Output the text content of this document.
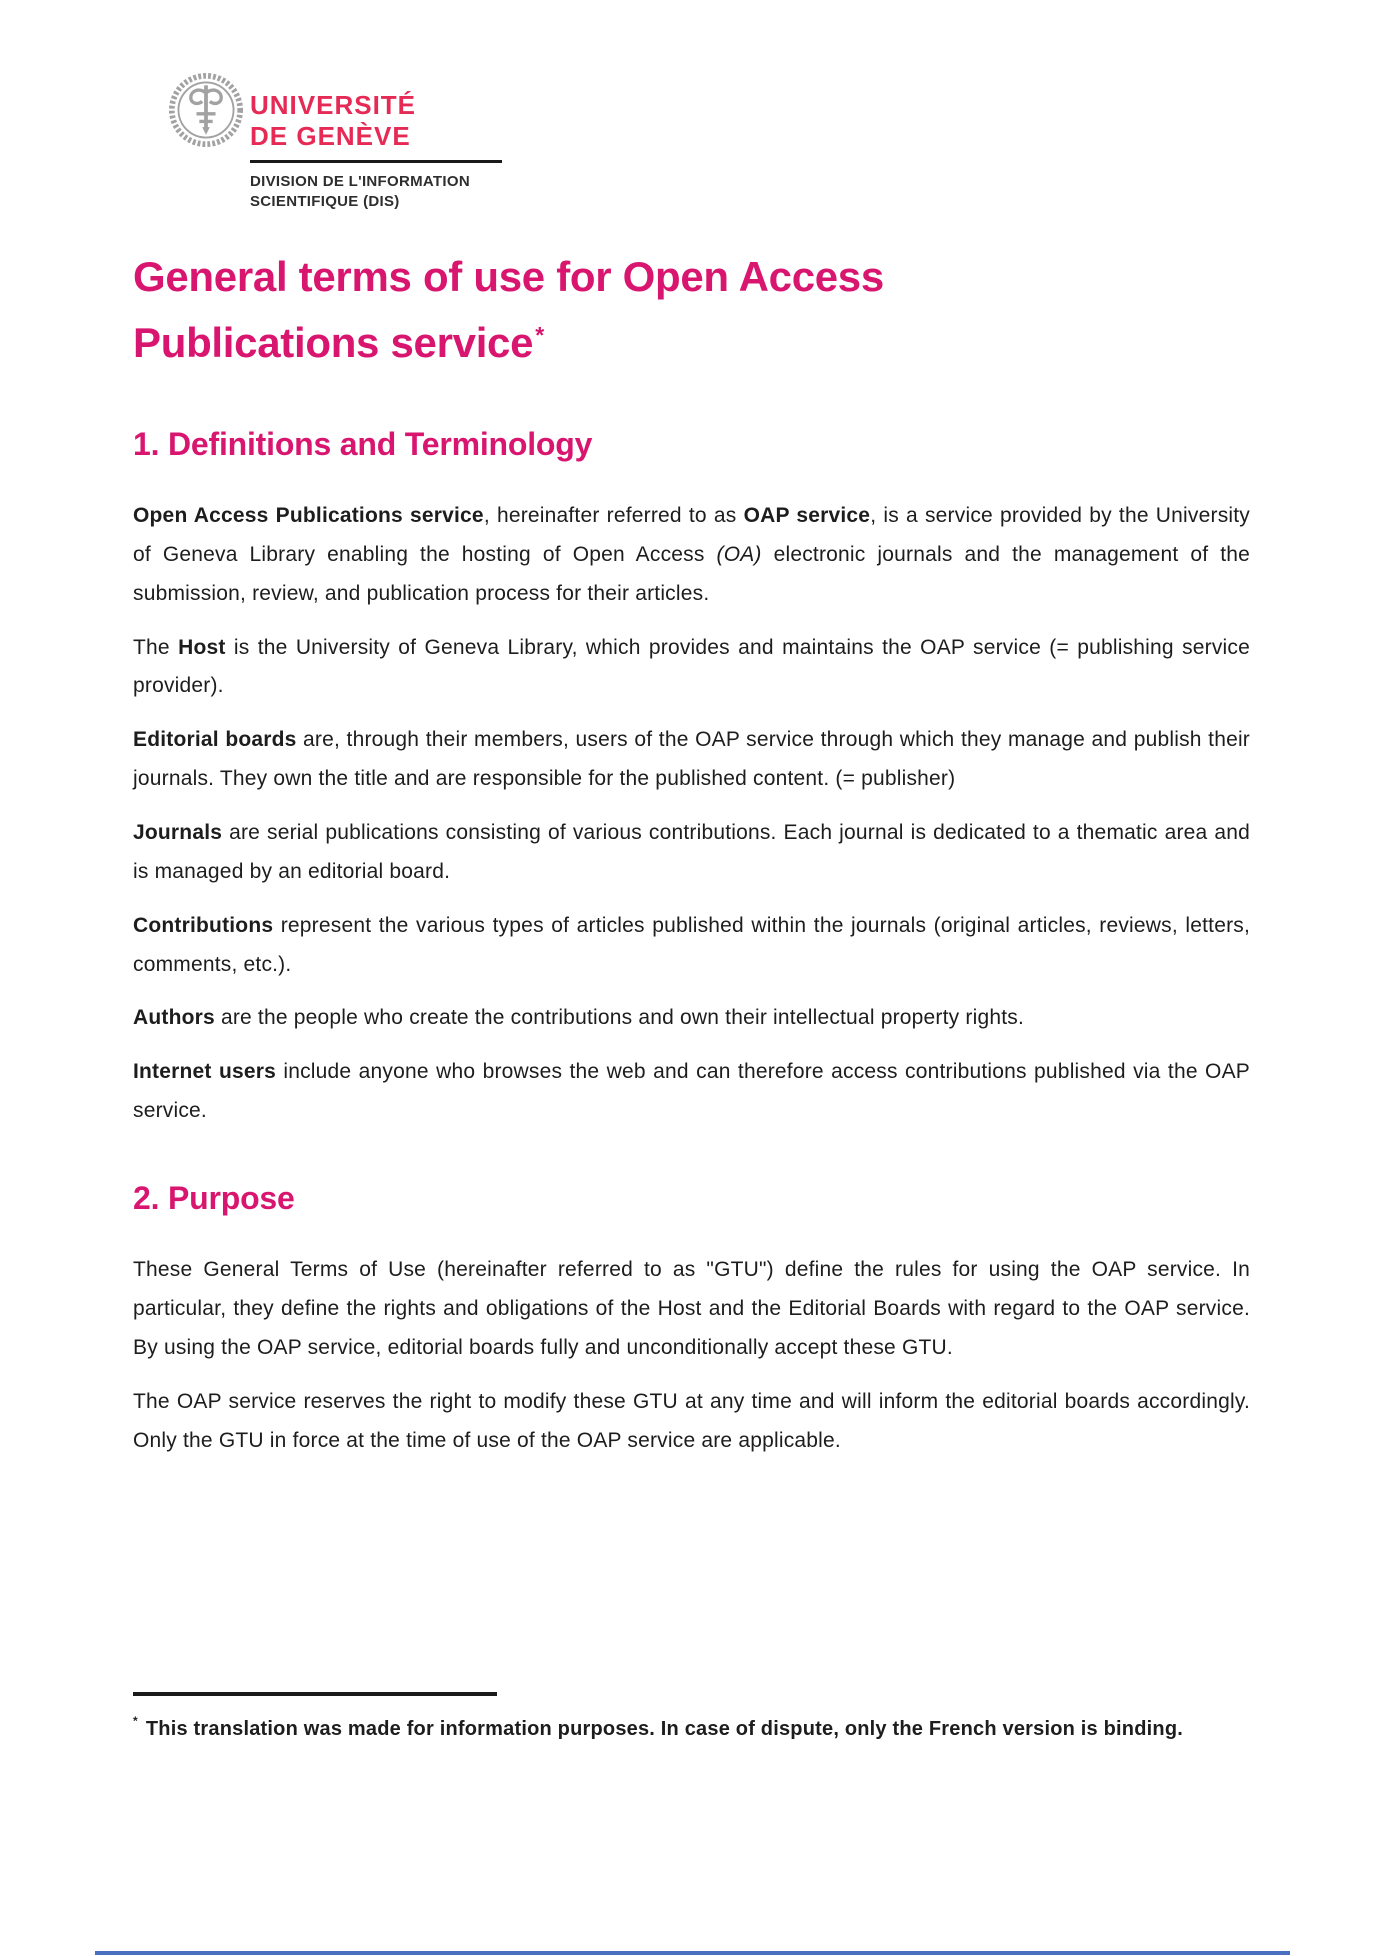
UNIVERSITÉ
DE GENÈVE
DIVISION DE L'INFORMATION
SCIENTIFIQUE (DIS)
General terms of use for Open Access Publications service*
1. Definitions and Terminology

Open Access Publications service, hereinafter referred to as OAP service, is a service provided by the University of Geneva Library enabling the hosting of Open Access (OA) electronic journals and the management of the submission, review, and publication process for their articles.

The Host is the University of Geneva Library, which provides and maintains the OAP service (= publishing service provider).

Editorial boards are, through their members, users of the OAP service through which they manage and publish their journals. They own the title and are responsible for the published content. (= publisher)

Journals are serial publications consisting of various contributions. Each journal is dedicated to a thematic area and is managed by an editorial board.

Contributions represent the various types of articles published within the journals (original articles, reviews, letters, comments, etc.).

Authors are the people who create the contributions and own their intellectual property rights.

Internet users include anyone who browses the web and can therefore access contributions published via the OAP service.

2. Purpose

These General Terms of Use (hereinafter referred to as "GTU") define the rules for using the OAP service. In particular, they define the rights and obligations of the Host and the Editorial Boards with regard to the OAP service. By using the OAP service, editorial boards fully and unconditionally accept these GTU.

The OAP service reserves the right to modify these GTU at any time and will inform the editorial boards accordingly. Only the GTU in force at the time of use of the OAP service are applicable.

* This translation was made for information purposes. In case of dispute, only the French version is binding.
